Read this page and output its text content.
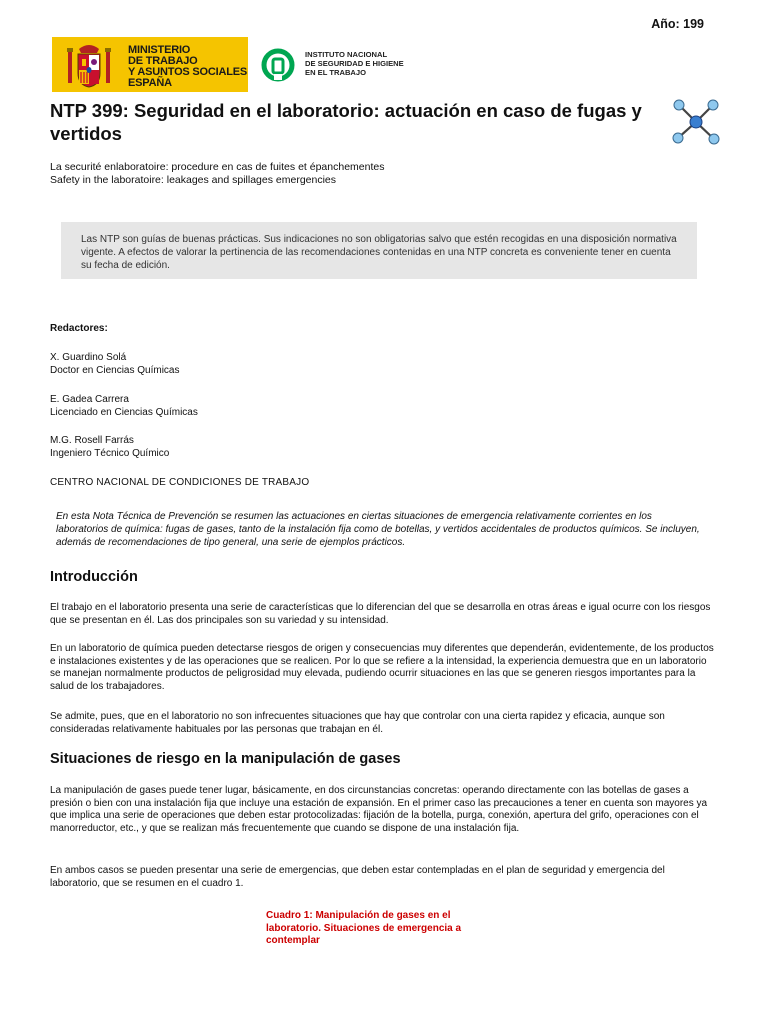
Año: 199
MINISTERIO
DE TRABAJO
Y ASUNTOS SOCIALES
ESPAÑA
INSTITUTO NACIONAL
DE SEGURIDAD E HIGIENE
EN EL TRABAJO
NTP 399: Seguridad en el laboratorio: actuación en caso de fugas y vertidos
La securité enlaboratoire: procedure en cas de fuites et épanchementes
Safety in the laboratoire: leakages and spillages emergencies
Las NTP son guías de buenas prácticas. Sus indicaciones no son obligatorias salvo que estén recogidas en una disposición normativa vigente. A efectos de valorar la pertinencia de las recomendaciones contenidas en una NTP concreta es conveniente tener en cuenta su fecha de edición.
Redactores:
X. Guardino Solá
Doctor en Ciencias Químicas
E. Gadea Carrera
Licenciado en Ciencias Químicas
M.G. Rosell Farrás
Ingeniero Técnico Químico
CENTRO NACIONAL DE CONDICIONES DE TRABAJO
En esta Nota Técnica de Prevención se resumen las actuaciones en ciertas situaciones de emergencia relativamente corrientes en los laboratorios de química: fugas de gases, tanto de la instalación fija como de botellas, y vertidos accidentales de productos químicos. Se incluyen, además de recomendaciones de tipo general, una serie de ejemplos prácticos.
Introducción
El trabajo en el laboratorio presenta una serie de características que lo diferencian del que se desarrolla en otras áreas e igual ocurre con los riesgos que se presentan en él. Las dos principales son su variedad y su intensidad.
En un laboratorio de química pueden detectarse riesgos de origen y consecuencias muy diferentes que dependerán, evidentemente, de los productos e instalaciones existentes y de las operaciones que se realicen. Por lo que se refiere a la intensidad, la experiencia demuestra que en un laboratorio se manejan normalmente productos de peligrosidad muy elevada, pudiendo ocurrir situaciones en las que se generen riesgos importantes para la salud de los trabajadores.
Se admite, pues, que en el laboratorio no son infrecuentes situaciones que hay que controlar con una cierta rapidez y eficacia, aunque son consideradas relativamente habituales por las personas que trabajan en él.
Situaciones de riesgo en la manipulación de gases
La manipulación de gases puede tener lugar, básicamente, en dos circunstancias concretas: operando directamente con las botellas de gases a presión o bien con una instalación fija que incluye una estación de expansión. En el primer caso las precauciones a tener en cuenta son mayores ya que implica una serie de operaciones que deben estar protocolizadas: fijación de la botella, purga, conexión, apertura del grifo, operaciones con el manorreductor, etc., y que se realizan más frecuentemente que cuando se dispone de una instalación fija.
En ambos casos se pueden presentar una serie de emergencias, que deben estar contempladas en el plan de seguridad y emergencia del laboratorio, que se resumen en el cuadro 1.
Cuadro 1: Manipulación de gases en el laboratorio. Situaciones de emergencia a contemplar
